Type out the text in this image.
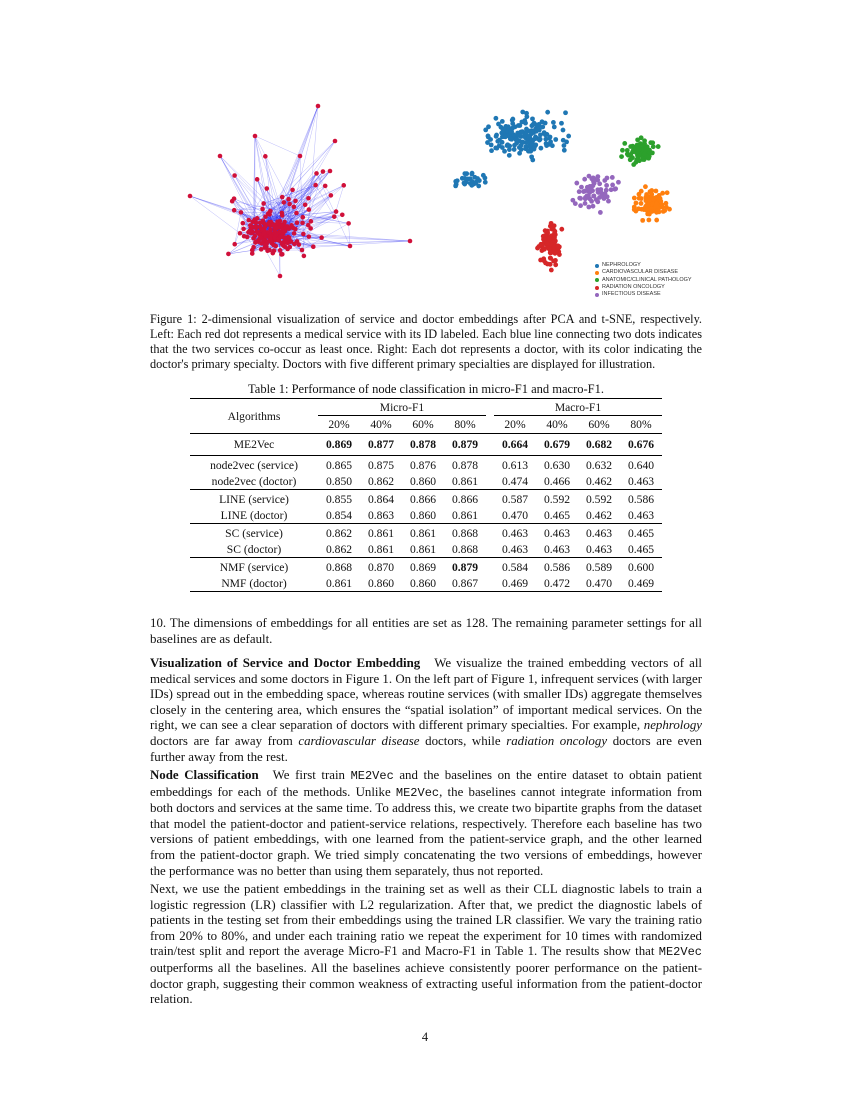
NEPHROLOGY
CARDIOVASCULAR DISEASE
ANATOMIC/CLINICAL PATHOLOGY
RADIATION ONCOLOGY
INFECTIOUS DISEASE
Figure 1: 2-dimensional visualization of service and doctor embeddings after PCA and t-SNE, respectively. Left: Each red dot represents a medical service with its ID labeled. Each blue line connecting two dots indicates that the two services co-occur as least once. Right: Each dot represents a doctor, with its color indicating the doctor's primary specialty. Doctors with five different primary specialties are displayed for illustration.
Table 1: Performance of node classification in micro-F1 and macro-F1.
Algorithms	Micro-F1					Macro-F1			
	20%	40%	60%	80%		20%	40%	60%	80%
ME2Vec	0.869	0.877	0.878	0.879		0.664	0.679	0.682	0.676
node2vec (service)	0.865	0.875	0.876	0.878		0.613	0.630	0.632	0.640
node2vec (doctor)	0.850	0.862	0.860	0.861		0.474	0.466	0.462	0.463
LINE (service)	0.855	0.864	0.866	0.866		0.587	0.592	0.592	0.586
LINE (doctor)	0.854	0.863	0.860	0.861		0.470	0.465	0.462	0.463
SC (service)	0.862	0.861	0.861	0.868		0.463	0.463	0.463	0.465
SC (doctor)	0.862	0.861	0.861	0.868		0.463	0.463	0.463	0.465
NMF (service)	0.868	0.870	0.869	0.879		0.584	0.586	0.589	0.600
NMF (doctor)	0.861	0.860	0.860	0.867		0.469	0.472	0.470	0.469

10. The dimensions of embeddings for all entities are set as 128. The remaining parameter settings for all baselines are as default.

Visualization of Service and Doctor Embedding We visualize the trained embedding vectors of all medical services and some doctors in Figure 1. On the left part of Figure 1, infrequent services (with larger IDs) spread out in the embedding space, whereas routine services (with smaller IDs) aggregate themselves closely in the centering area, which ensures the “spatial isolation” of important medical services. On the right, we can see a clear separation of doctors with different primary specialties. For example, nephrology doctors are far away from cardiovascular disease doctors, while radiation oncology doctors are even further away from the rest.

Node Classification We first train ME2Vec and the baselines on the entire dataset to obtain patient embeddings for each of the methods. Unlike ME2Vec, the baselines cannot integrate information from both doctors and services at the same time. To address this, we create two bipartite graphs from the dataset that model the patient-doctor and patient-service relations, respectively. Therefore each baseline has two versions of patient embeddings, with one learned from the patient-service graph, and the other learned from the patient-doctor graph. We tried simply concatenating the two versions of embeddings, however the performance was no better than using them separately, thus not reported.

Next, we use the patient embeddings in the training set as well as their CLL diagnostic labels to train a logistic regression (LR) classifier with L2 regularization. After that, we predict the diagnostic labels of patients in the testing set from their embeddings using the trained LR classifier. We vary the training ratio from 20% to 80%, and under each training ratio we repeat the experiment for 10 times with randomized train/test split and report the average Micro-F1 and Macro-F1 in Table 1. The results show that ME2Vec outperforms all the baselines. All the baselines achieve consistently poorer performance on the patient-doctor graph, suggesting their common weakness of extracting useful information from the patient-doctor relation.

4
